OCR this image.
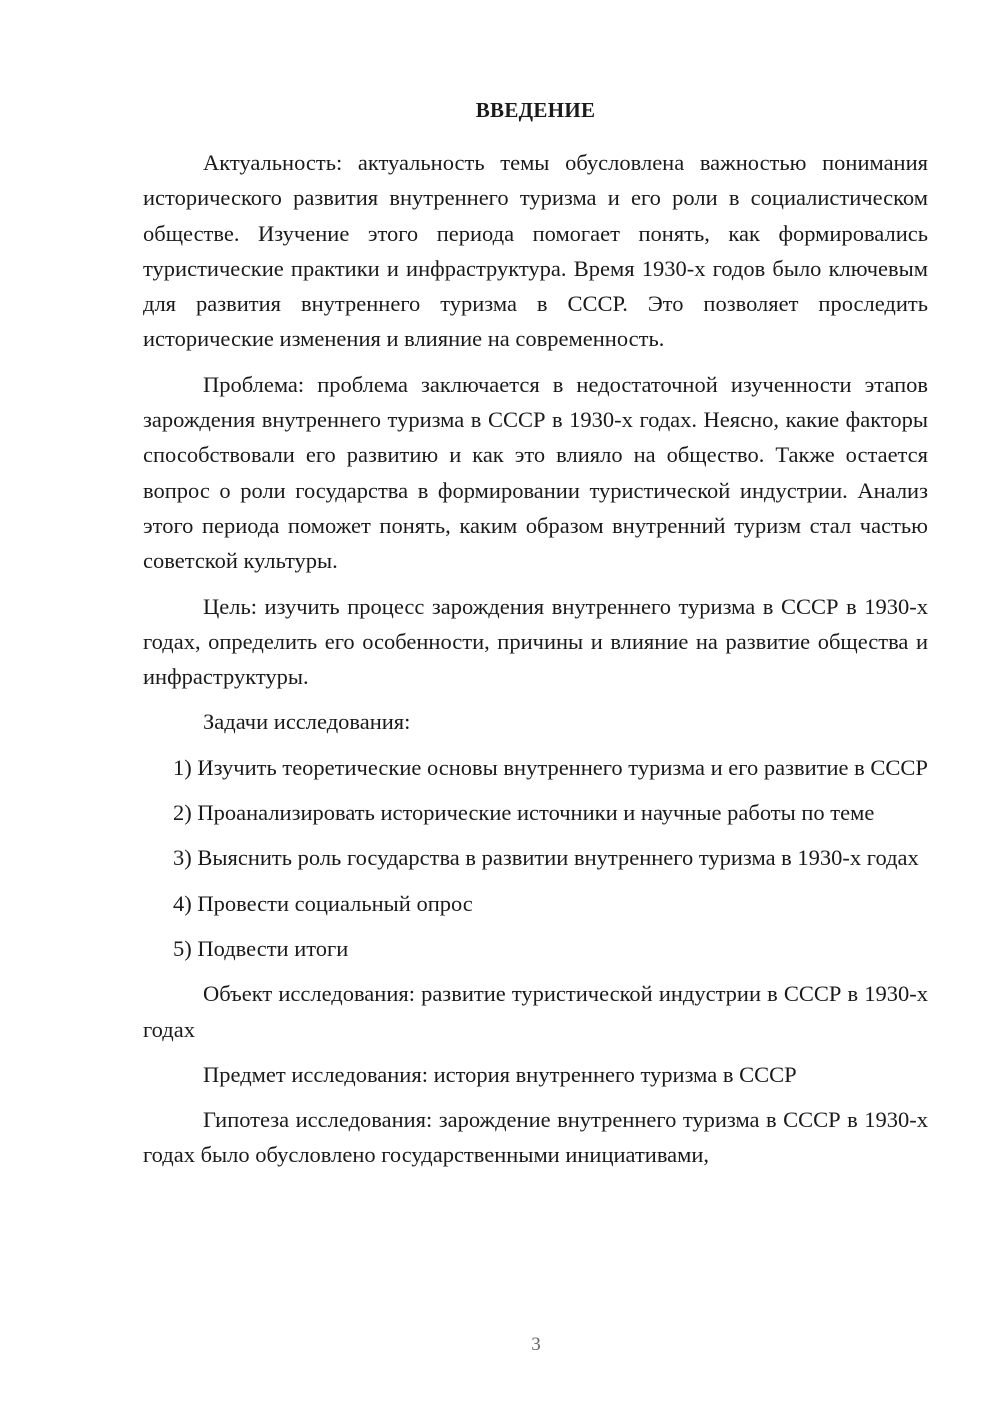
ВВЕДЕНИЕ
Актуальность: актуальность темы обусловлена важностью понимания исторического развития внутреннего туризма и его роли в социалистическом обществе. Изучение этого периода помогает понять, как формировались туристические практики и инфраструктура. Время 1930-х годов было ключевым для развития внутреннего туризма в СССР. Это позволяет проследить исторические изменения и влияние на современность.
Проблема: проблема заключается в недостаточной изученности этапов зарождения внутреннего туризма в СССР в 1930-х годах. Неясно, какие факторы способствовали его развитию и как это влияло на общество. Также остается вопрос о роли государства в формировании туристической индустрии. Анализ этого периода поможет понять, каким образом внутренний туризм стал частью советской культуры.
Цель: изучить процесс зарождения внутреннего туризма в СССР в 1930-х годах, определить его особенности, причины и влияние на развитие общества и инфраструктуры.
Задачи исследования:
1) Изучить теоретические основы внутреннего туризма и его развитие в СССР
2) Проанализировать исторические источники и научные работы по теме
3) Выяснить роль государства в развитии внутреннего туризма в 1930-х годах
4) Провести социальный опрос
5) Подвести итоги
Объект исследования: развитие туристической индустрии в СССР в 1930-х годах
Предмет исследования: история внутреннего туризма в СССР
Гипотеза исследования: зарождение внутреннего туризма в СССР в 1930-х годах было обусловлено государственными инициативами,
3
